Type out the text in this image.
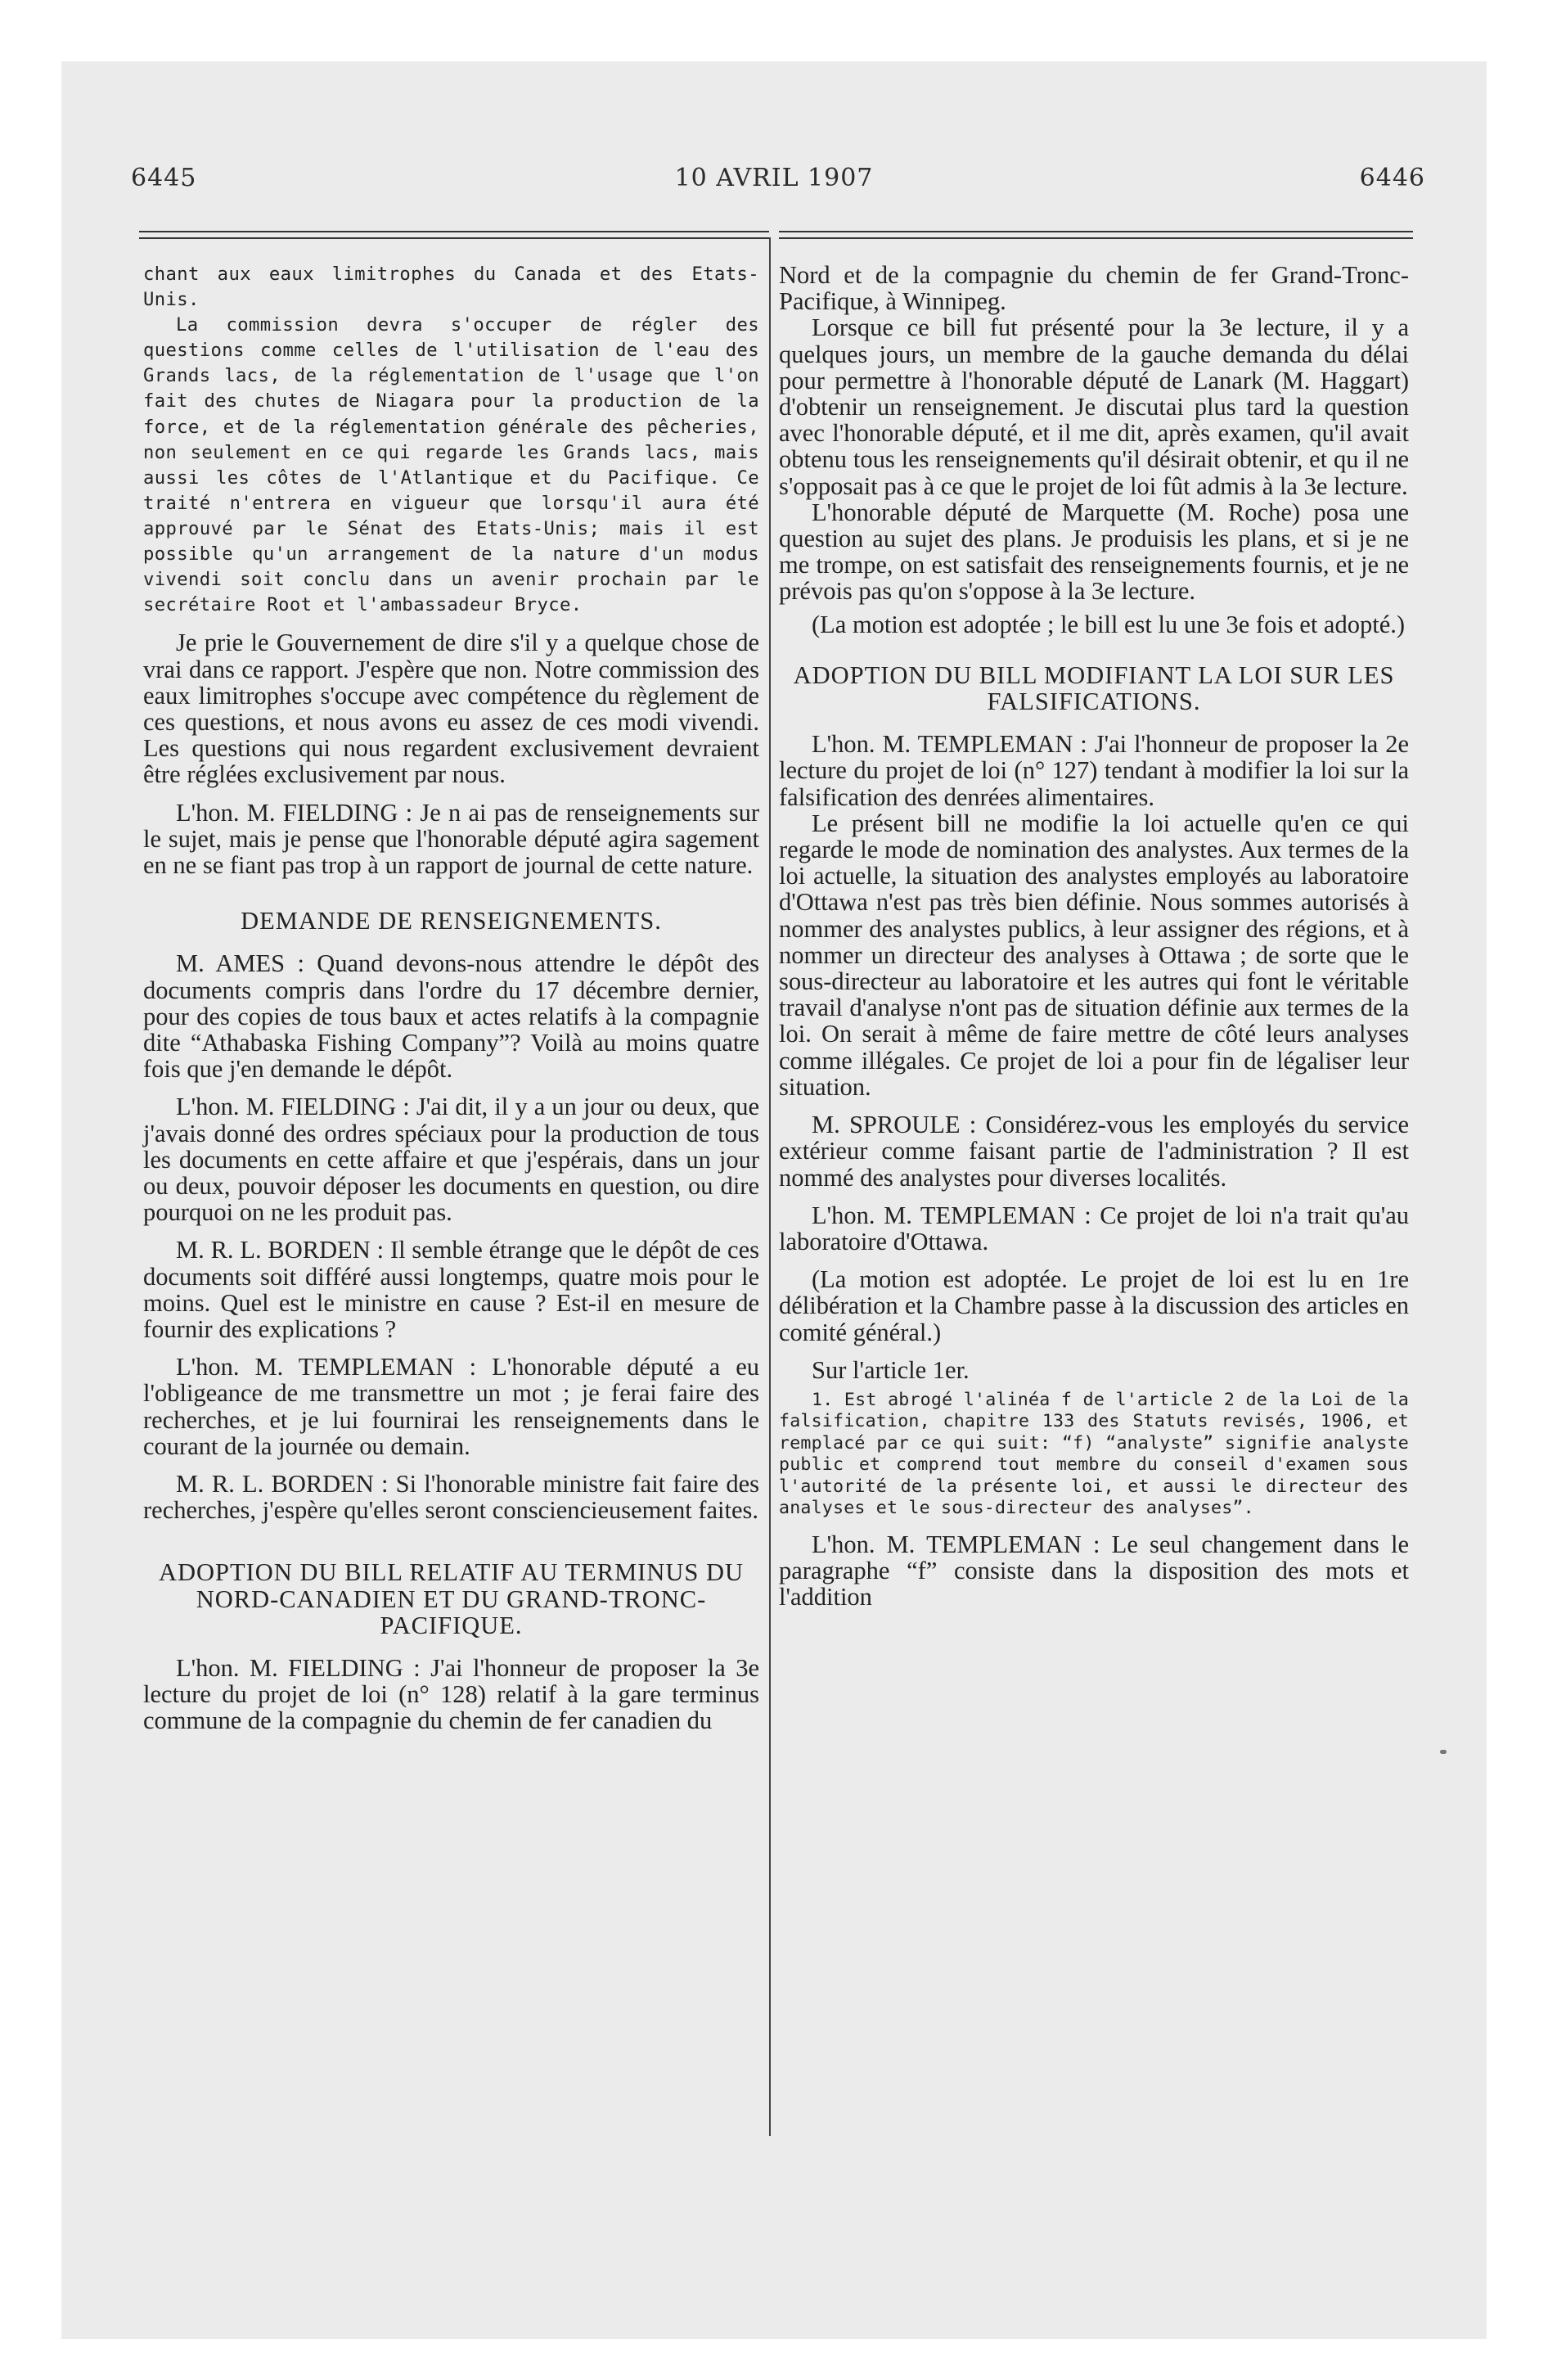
6445	10 AVRIL 1907	6446

chant aux eaux limitrophes du Canada et des Etats-Unis.

La commission devra s'occuper de régler des questions comme celles de l'utilisation de l'eau des Grands lacs, de la réglementation de l'usage que l'on fait des chutes de Niagara pour la production de la force, et de la réglementation générale des pêcheries, non seulement en ce qui regarde les Grands lacs, mais aussi les côtes de l'Atlantique et du Pacifique. Ce traité n'entrera en vigueur que lorsqu'il aura été approuvé par le Sénat des Etats-Unis; mais il est possible qu'un arrangement de la nature d'un modus vivendi soit conclu dans un avenir prochain par le secrétaire Root et l'ambassadeur Bryce.

Je prie le Gouvernement de dire s'il y a quelque chose de vrai dans ce rapport. J'espère que non. Notre commission des eaux limitrophes s'occupe avec compétence du règlement de ces questions, et nous avons eu assez de ces modi vivendi. Les questions qui nous regardent exclusivement devraient être réglées exclusivement par nous.

L'hon. M. FIELDING : Je n ai pas de renseignements sur le sujet, mais je pense que l'honorable député agira sagement en ne se fiant pas trop à un rapport de journal de cette nature.

DEMANDE DE RENSEIGNEMENTS.

M. AMES : Quand devons-nous attendre le dépôt des documents compris dans l'ordre du 17 décembre dernier, pour des copies de tous baux et actes relatifs à la compagnie dite “Athabaska Fishing Company”? Voilà au moins quatre fois que j'en demande le dépôt.

L'hon. M. FIELDING : J'ai dit, il y a un jour ou deux, que j'avais donné des ordres spéciaux pour la production de tous les documents en cette affaire et que j'espérais, dans un jour ou deux, pouvoir déposer les documents en question, ou dire pourquoi on ne les produit pas.

M. R. L. BORDEN : Il semble étrange que le dépôt de ces documents soit différé aussi longtemps, quatre mois pour le moins. Quel est le ministre en cause ? Est-il en mesure de fournir des explications ?

L'hon. M. TEMPLEMAN : L'honorable député a eu l'obligeance de me transmettre un mot ; je ferai faire des recherches, et je lui fournirai les renseignements dans le courant de la journée ou demain.

M. R. L. BORDEN : Si l'honorable ministre fait faire des recherches, j'espère qu'elles seront consciencieusement faites.

ADOPTION DU BILL RELATIF AU TERMINUS DU NORD-CANADIEN ET DU GRAND-TRONC-PACIFIQUE.

L'hon. M. FIELDING : J'ai l'honneur de proposer la 3e lecture du projet de loi (n° 128) relatif à la gare terminus commune de la compagnie du chemin de fer canadien du

Nord et de la compagnie du chemin de fer Grand-Tronc-Pacifique, à Winnipeg.

Lorsque ce bill fut présenté pour la 3e lecture, il y a quelques jours, un membre de la gauche demanda du délai pour permettre à l'honorable député de Lanark (M. Haggart) d'obtenir un renseignement. Je discutai plus tard la question avec l'honorable député, et il me dit, après examen, qu'il avait obtenu tous les renseignements qu'il désirait obtenir, et qu il ne s'opposait pas à ce que le projet de loi fût admis à la 3e lecture.

L'honorable député de Marquette (M. Roche) posa une question au sujet des plans. Je produisis les plans, et si je ne me trompe, on est satisfait des renseignements fournis, et je ne prévois pas qu'on s'oppose à la 3e lecture.

(La motion est adoptée ; le bill est lu une 3e fois et adopté.)

ADOPTION DU BILL MODIFIANT LA LOI SUR LES FALSIFICATIONS.

L'hon. M. TEMPLEMAN : J'ai l'honneur de proposer la 2e lecture du projet de loi (n° 127) tendant à modifier la loi sur la falsification des denrées alimentaires.

Le présent bill ne modifie la loi actuelle qu'en ce qui regarde le mode de nomination des analystes. Aux termes de la loi actuelle, la situation des analystes employés au laboratoire d'Ottawa n'est pas très bien définie. Nous sommes autorisés à nommer des analystes publics, à leur assigner des régions, et à nommer un directeur des analyses à Ottawa ; de sorte que le sous-directeur au laboratoire et les autres qui font le véritable travail d'analyse n'ont pas de situation définie aux termes de la loi. On serait à même de faire mettre de côté leurs analyses comme illégales. Ce projet de loi a pour fin de légaliser leur situation.

M. SPROULE : Considérez-vous les employés du service extérieur comme faisant partie de l'administration ? Il est nommé des analystes pour diverses localités.

L'hon. M. TEMPLEMAN : Ce projet de loi n'a trait qu'au laboratoire d'Ottawa.

(La motion est adoptée. Le projet de loi est lu en 1re délibération et la Chambre passe à la discussion des articles en comité général.)

Sur l'article 1er.

1. Est abrogé l'alinéa f de l'article 2 de la Loi de la falsification, chapitre 133 des Statuts revisés, 1906, et remplacé par ce qui suit: “f) “analyste” signifie analyste public et comprend tout membre du conseil d'examen sous l'autorité de la présente loi, et aussi le directeur des analyses et le sous-directeur des analyses”.

L'hon. M. TEMPLEMAN : Le seul changement dans le paragraphe “f” consiste dans la disposition des mots et l'addition
